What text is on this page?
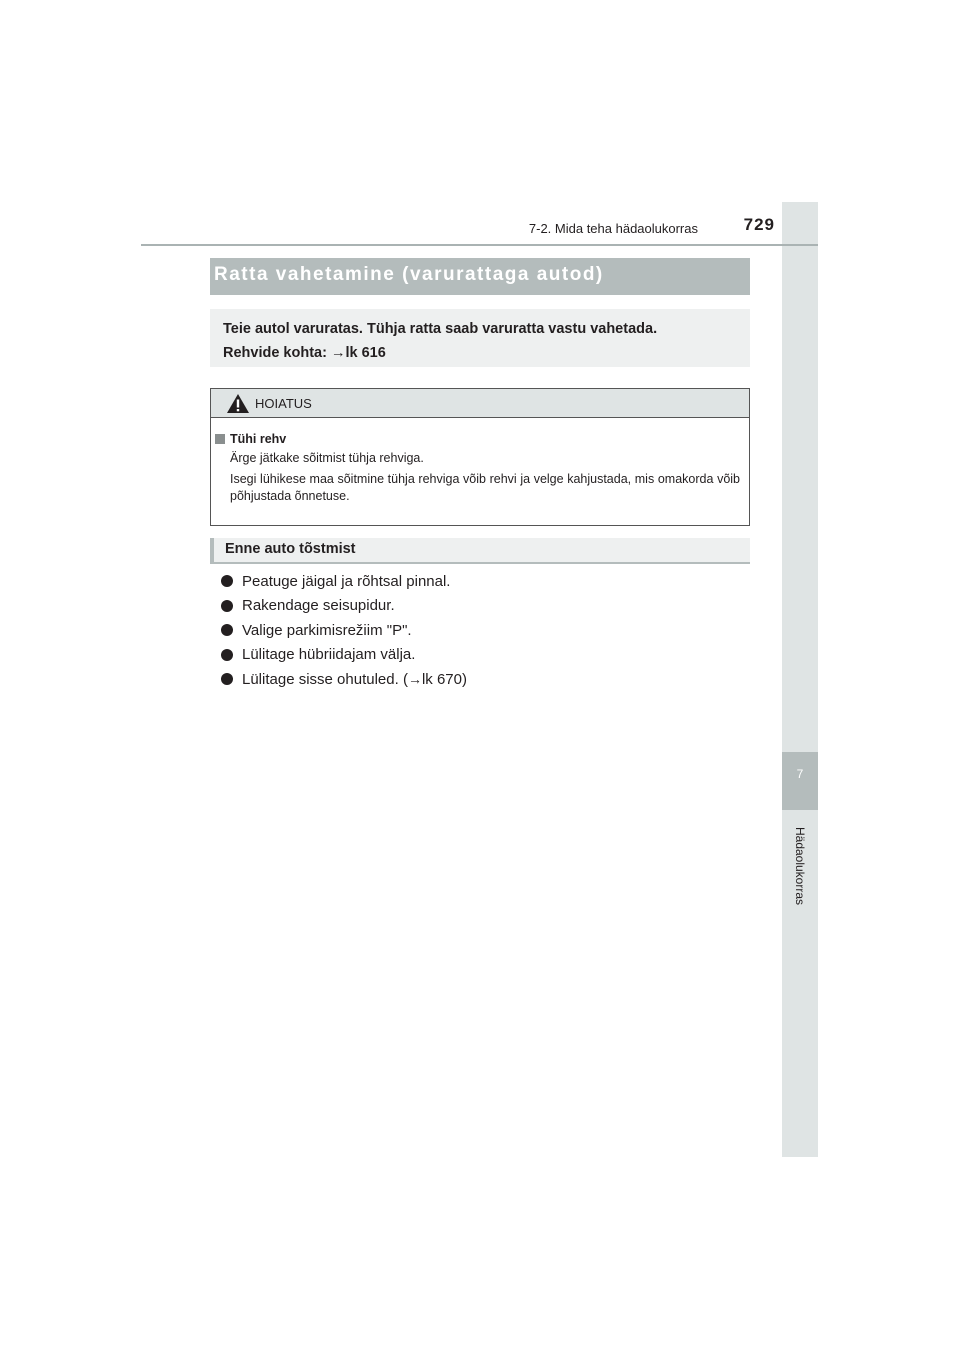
7
Hädaolukorras
7-2. Mida teha hädaolukorras	729
Ratta vahetamine (varurattaga autod)
Teie autol varuratas. Tühja ratta saab varuratta vastu vahetada.
Rehvide kohta: →lk 616
HOIATUS
Tühi rehv

Ärge jätkake sõitmist tühja rehviga.

Isegi lühikese maa sõitmine tühja rehviga võib rehvi ja velge kahjustada, mis omakorda võib põhjustada õnnetuse.

Enne auto tõstmist
Peatuge jäigal ja rõhtsal pinnal.
Rakendage seisupidur.
Valige parkimisrežiim "P".
Lülitage hübriidajam välja.
Lülitage sisse ohutuled. ( → lk 670)
